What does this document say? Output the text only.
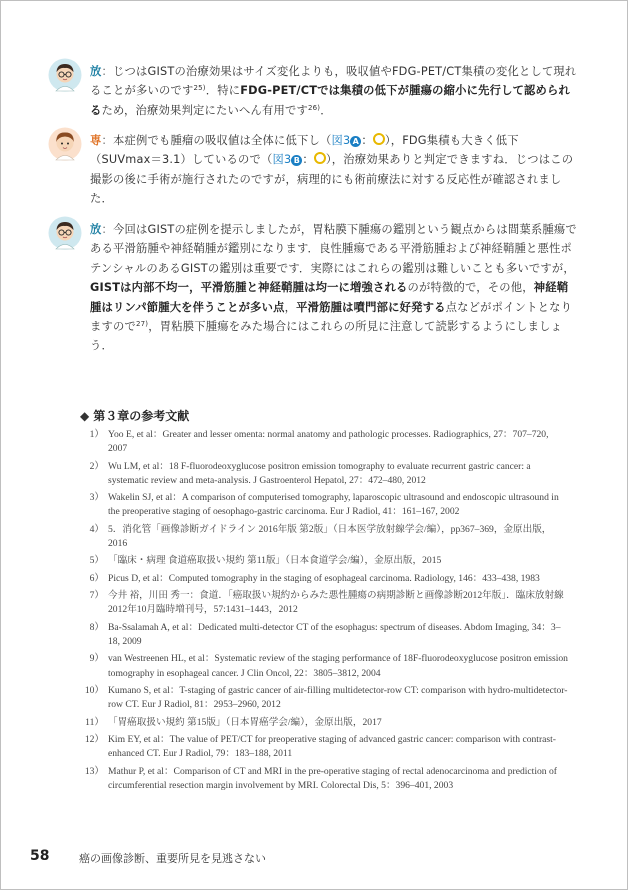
放：じつはGISTの治療効果はサイズ変化よりも，吸収値やFDG-PET/CT集積の変化として現れることが多いのです$^{25)}$．特にFDG-PET/CTでは集積の低下が腫瘍の縮小に先行して認められるため，治療効果判定にたいへん有用です$^{26)}$．
専：本症例でも腫瘤の吸収値は全体に低下し（図3 A ： ），FDG集積も大きく低下（SUVmax＝3.1）しているので（図3 B ： ），治療効果ありと判定できますね．じつはこの撮影の後に手術が施行されたのですが，病理的にも術前療法に対する反応性が確認されました．
放：今回はGISTの症例を提示しましたが，胃粘膜下腫瘍の鑑別という観点からは間葉系腫瘍である平滑筋腫や神経鞘腫が鑑別になります．良性腫瘍である平滑筋腫および神経鞘腫と悪性ポテンシャルのあるGISTの鑑別は重要です．実際にはこれらの鑑別は難しいことも多いですが，GISTは内部不均一，平滑筋腫と神経鞘腫は均一に増強されるのが特徴的で，その他，神経鞘腫はリンパ節腫大を伴うことが多い点，平滑筋腫は噴門部に好発する点などがポイントとなりますので$^{27)}$，胃粘膜下腫瘍をみた場合にはこれらの所見に注意して読影するようにしましょう．
◆ 第３章の参考文献
1） Yoo E, et al：Greater and lesser omenta: normal anatomy and pathologic processes. Radiographics, 27：707–720, 2007
2） Wu LM, et al：18 F-fluorodeoxyglucose positron emission tomography to evaluate recurrent gastric cancer: a systematic review and meta-analysis. J Gastroenterol Hepatol, 27：472–480, 2012
3） Wakelin SJ, et al：A comparison of computerised tomography, laparoscopic ultrasound and endoscopic ultrasound in the preoperative staging of oesophago-gastric carcinoma. Eur J Radiol, 41：161–167, 2002
4） 5．消化管「画像診断ガイドライン 2016年版 第2版」（日本医学放射線学会/編），pp367–369，金原出版，2016
5） 「臨床・病理 食道癌取扱い規約 第11版」（日本食道学会/編），金原出版，2015
6） Picus D, et al：Computed tomography in the staging of esophageal carcinoma. Radiology, 146：433–438, 1983
7） 今井 裕，川田 秀一：食道．「癌取扱い規約からみた悪性腫瘍の病期診断と画像診断2012年版」．臨床放射線 2012年10月臨時増刊号，57:1431–1443，2012
8） Ba-Ssalamah A, et al：Dedicated multi-detector CT of the esophagus: spectrum of diseases. Abdom Imaging, 34：3–18, 2009
9） van Westreenen HL, et al：Systematic review of the staging performance of 18F-fluorodeoxyglucose positron emission tomography in esophageal cancer. J Clin Oncol, 22：3805–3812, 2004
10） Kumano S, et al：T-staging of gastric cancer of air-filling multidetector-row CT: comparison with hydro-multidetector-row CT. Eur J Radiol, 81：2953–2960, 2012
11） 「胃癌取扱い規約 第15版」（日本胃癌学会/編），金原出版，2017
12） Kim EY, et al：The value of PET/CT for preoperative staging of advanced gastric cancer: comparison with contrast-enhanced CT. Eur J Radiol, 79：183–188, 2011
13） Mathur P, et al：Comparison of CT and MRI in the pre-operative staging of rectal adenocarcinoma and prediction of circumferential resection margin involvement by MRI. Colorectal Dis, 5：396–401, 2003
58	癌の画像診断、重要所見を見逃さない
